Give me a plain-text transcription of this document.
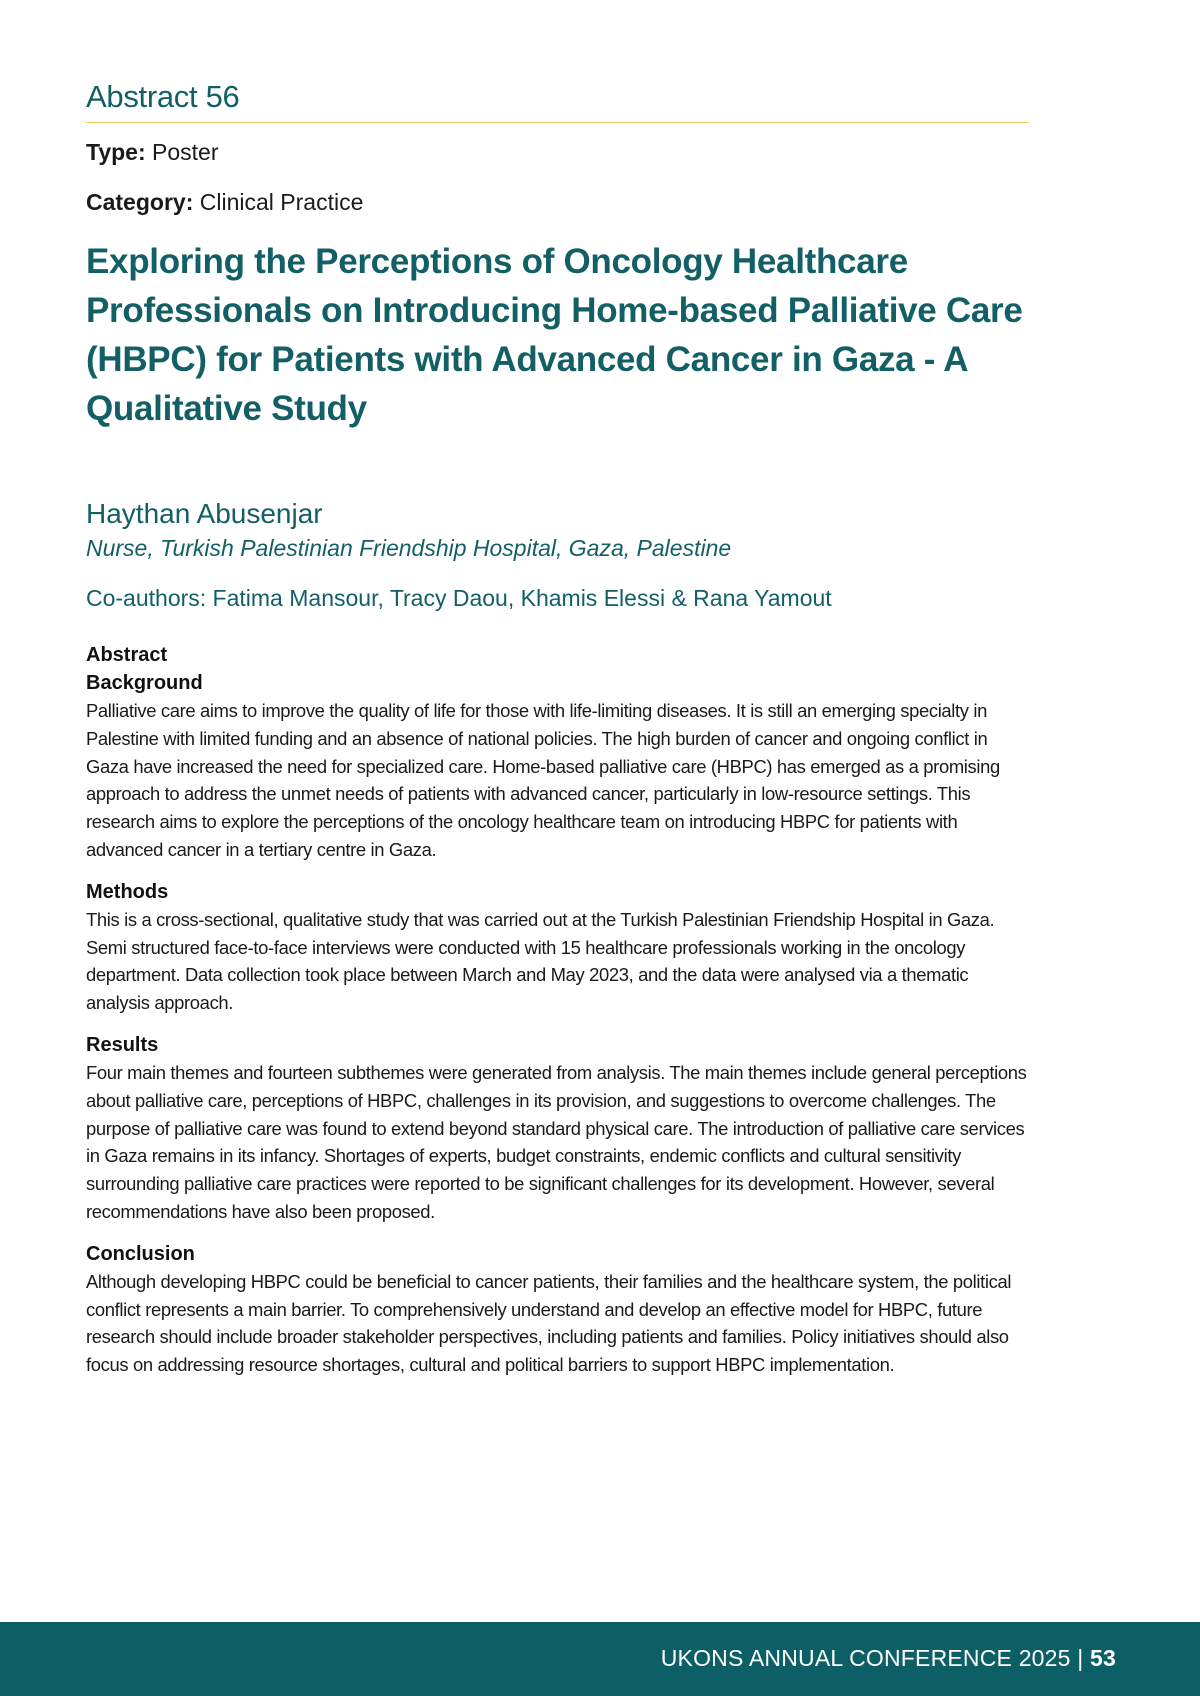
Abstract 56
Type: Poster
Category: Clinical Practice
Exploring the Perceptions of Oncology Healthcare Professionals on Introducing Home-based Palliative Care (HBPC) for Patients with Advanced Cancer in Gaza - A Qualitative Study
Haythan Abusenjar
Nurse, Turkish Palestinian Friendship Hospital, Gaza, Palestine
Co-authors: Fatima Mansour, Tracy Daou, Khamis Elessi & Rana Yamout
Abstract
Background

Palliative care aims to improve the quality of life for those with life-limiting diseases. It is still an emerging specialty in Palestine with limited funding and an absence of national policies. The high burden of cancer and ongoing conflict in Gaza have increased the need for specialized care. Home-based palliative care (HBPC) has emerged as a promising approach to address the unmet needs of patients with advanced cancer, particularly in low-resource settings. This research aims to explore the perceptions of the oncology healthcare team on introducing HBPC for patients with advanced cancer in a tertiary centre in Gaza.

Methods

This is a cross-sectional, qualitative study that was carried out at the Turkish Palestinian Friendship Hospital in Gaza. Semi structured face-to-face interviews were conducted with 15 healthcare professionals working in the oncology department. Data collection took place between March and May 2023, and the data were analysed via a thematic analysis approach.

Results

Four main themes and fourteen subthemes were generated from analysis. The main themes include general perceptions about palliative care, perceptions of HBPC, challenges in its provision, and suggestions to overcome challenges. The purpose of palliative care was found to extend beyond standard physical care. The introduction of palliative care services in Gaza remains in its infancy. Shortages of experts, budget constraints, endemic conflicts and cultural sensitivity surrounding palliative care practices were reported to be significant challenges for its development. However, several recommendations have also been proposed.

Conclusion

Although developing HBPC could be beneficial to cancer patients, their families and the healthcare system, the political conflict represents a main barrier. To comprehensively understand and develop an effective model for HBPC, future research should include broader stakeholder perspectives, including patients and families. Policy initiatives should also focus on addressing resource shortages, cultural and political barriers to support HBPC implementation.

UKONS ANNUAL CONFERENCE 2025 | 53
